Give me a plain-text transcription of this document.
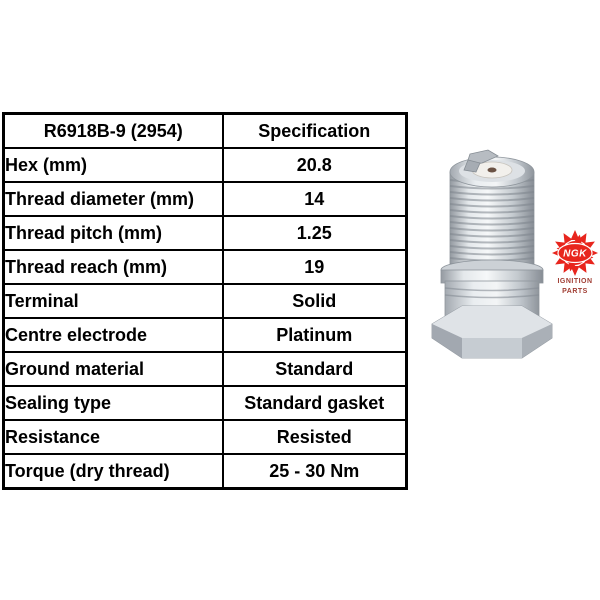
R6918B-9 (2954)	Specification
Hex (mm)	20.8
Thread diameter (mm)	14
Thread pitch (mm)	1.25
Thread reach (mm)	19
Terminal	Solid
Centre electrode	Platinum
Ground material	Standard
Sealing type	Standard gasket
Resistance	Resisted
Torque (dry thread)	25 - 30 Nm
NGK
IGNITION
PARTS
